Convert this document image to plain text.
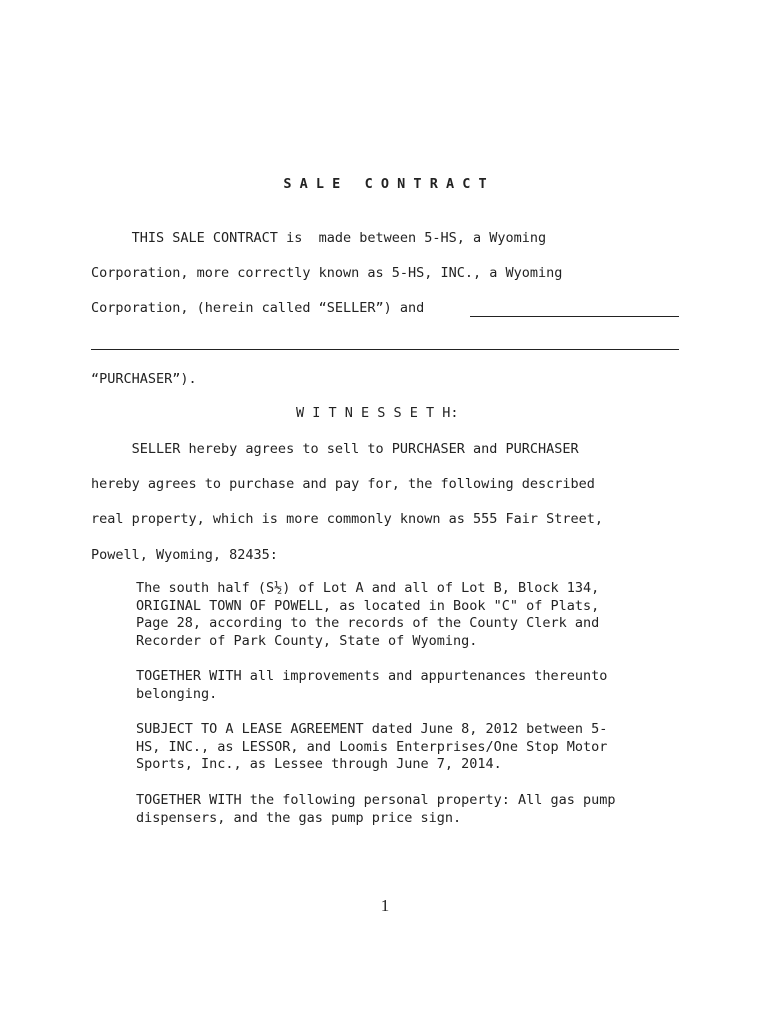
S A L E   C O N T R A C T
THIS SALE CONTRACT is  made between 5-HS, a Wyoming
Corporation, more correctly known as 5-HS, INC., a Wyoming
Corporation, (herein called “SELLER”) and
“PURCHASER”).
W I T N E S S E T H:
SELLER hereby agrees to sell to PURCHASER and PURCHASER
hereby agrees to purchase and pay for, the following described
real property, which is more commonly known as 555 Fair Street,
Powell, Wyoming, 82435:
The south half (S½) of Lot A and all of Lot B, Block 134,
ORIGINAL TOWN OF POWELL, as located in Book "C" of Plats,
Page 28, according to the records of the County Clerk and
Recorder of Park County, State of Wyoming.
TOGETHER WITH all improvements and appurtenances thereunto
belonging.
SUBJECT TO A LEASE AGREEMENT dated June 8, 2012 between 5-
HS, INC., as LESSOR, and Loomis Enterprises/One Stop Motor
Sports, Inc., as Lessee through June 7, 2014.
TOGETHER WITH the following personal property: All gas pump
dispensers, and the gas pump price sign.
1
